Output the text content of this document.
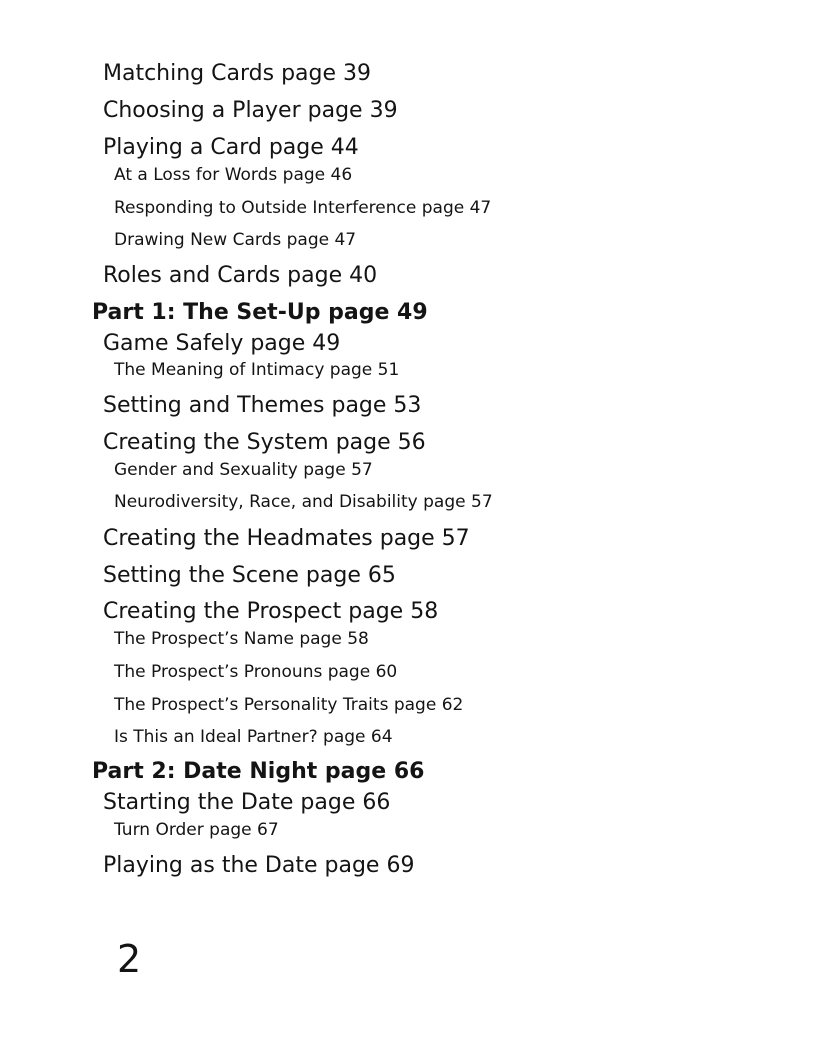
Matching Cards page 39
Choosing a Player page 39
Playing a Card page 44
At a Loss for Words page 46
Responding to Outside Interference page 47
Drawing New Cards page 47
Roles and Cards page 40
Part 1: The Set-Up page 49
Game Safely page 49
The Meaning of Intimacy page 51
Setting and Themes page 53
Creating the System page 56
Gender and Sexuality page 57
Neurodiversity, Race, and Disability page 57
Creating the Headmates page 57
Setting the Scene page 65
Creating the Prospect page 58
The Prospect’s Name page 58
The Prospect’s Pronouns page 60
The Prospect’s Personality Traits page 62
Is This an Ideal Partner? page 64
Part 2: Date Night page 66
Starting the Date page 66
Turn Order page 67
Playing as the Date page 69
2
